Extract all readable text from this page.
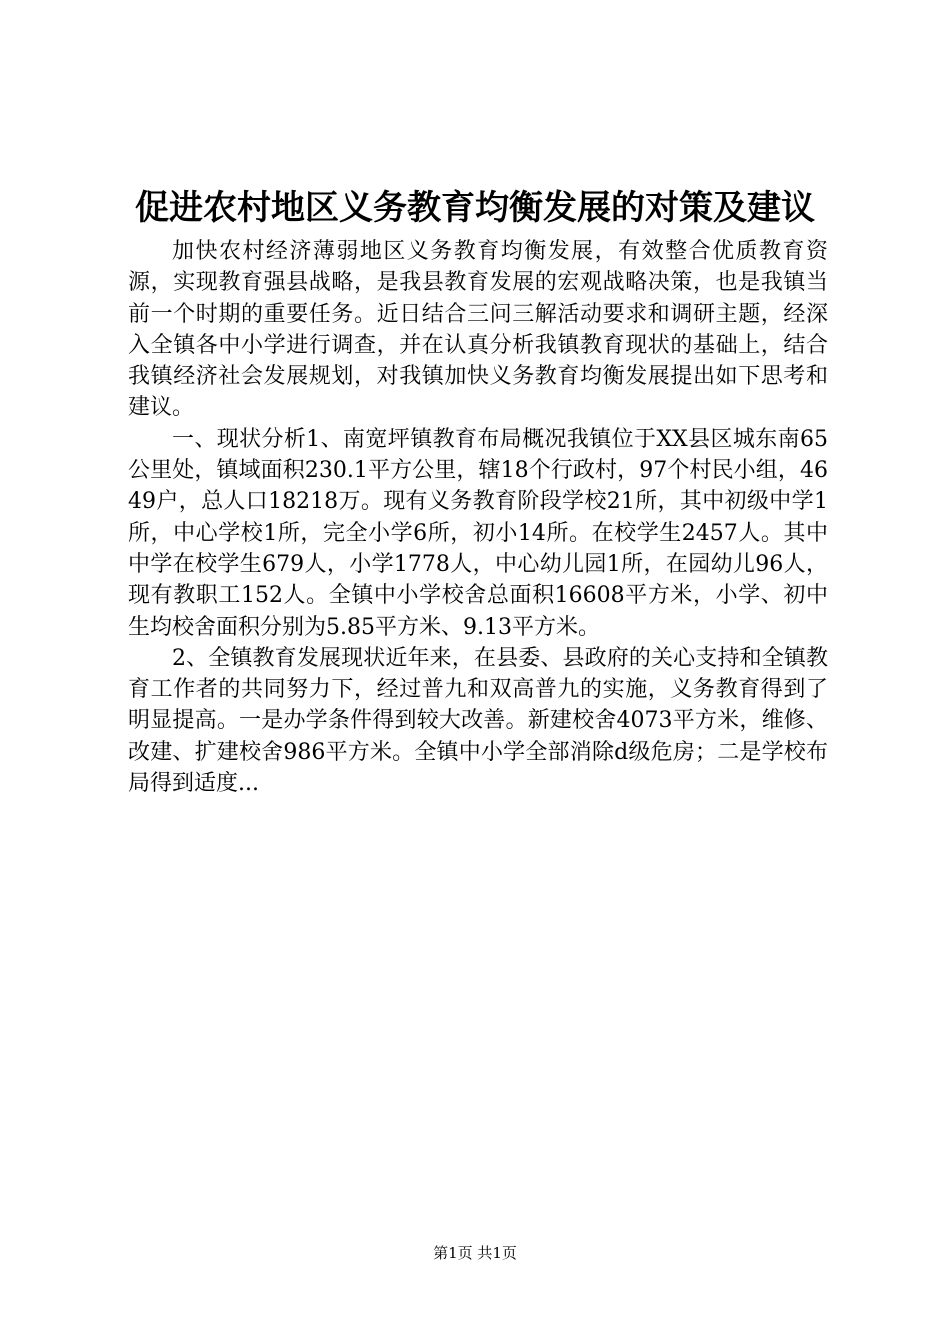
促进农村地区义务教育均衡发展的对策及建议

加快农村经济薄弱地区义务教育均衡发展，有效整合优质教育资源，实现教育强县战略，是我县教育发展的宏观战略决策，也是我镇当前一个时期的重要任务。近日结合三问三解活动要求和调研主题，经深入全镇各中小学进行调查，并在认真分析我镇教育现状的基础上，结合我镇经济社会发展规划，对我镇加快义务教育均衡发展提出如下思考和建议。

一、现状分析1、南宽坪镇教育布局概况我镇位于XX县区城东南65公里处，镇域面积230.1平方公里，辖18个行政村，97个村民小组，4649户，总人口18218万。现有义务教育阶段学校21所，其中初级中学1所，中心学校1所，完全小学6所，初小14所。在校学生2457人。其中中学在校学生679人，小学1778人，中心幼儿园1所，在园幼儿96人，现有教职工152人。全镇中小学校舍总面积16608平方米，小学、初中生均校舍面积分别为5.85平方米、9.13平方米。

2、全镇教育发展现状近年来，在县委、县政府的关心支持和全镇教育工作者的共同努力下，经过普九和双高普九的实施，义务教育得到了明显提高。一是办学条件得到较大改善。新建校舍4073平方米，维修、改建、扩建校舍986平方米。全镇中小学全部消除d级危房；二是学校布局得到适度...

第1页 共1页
